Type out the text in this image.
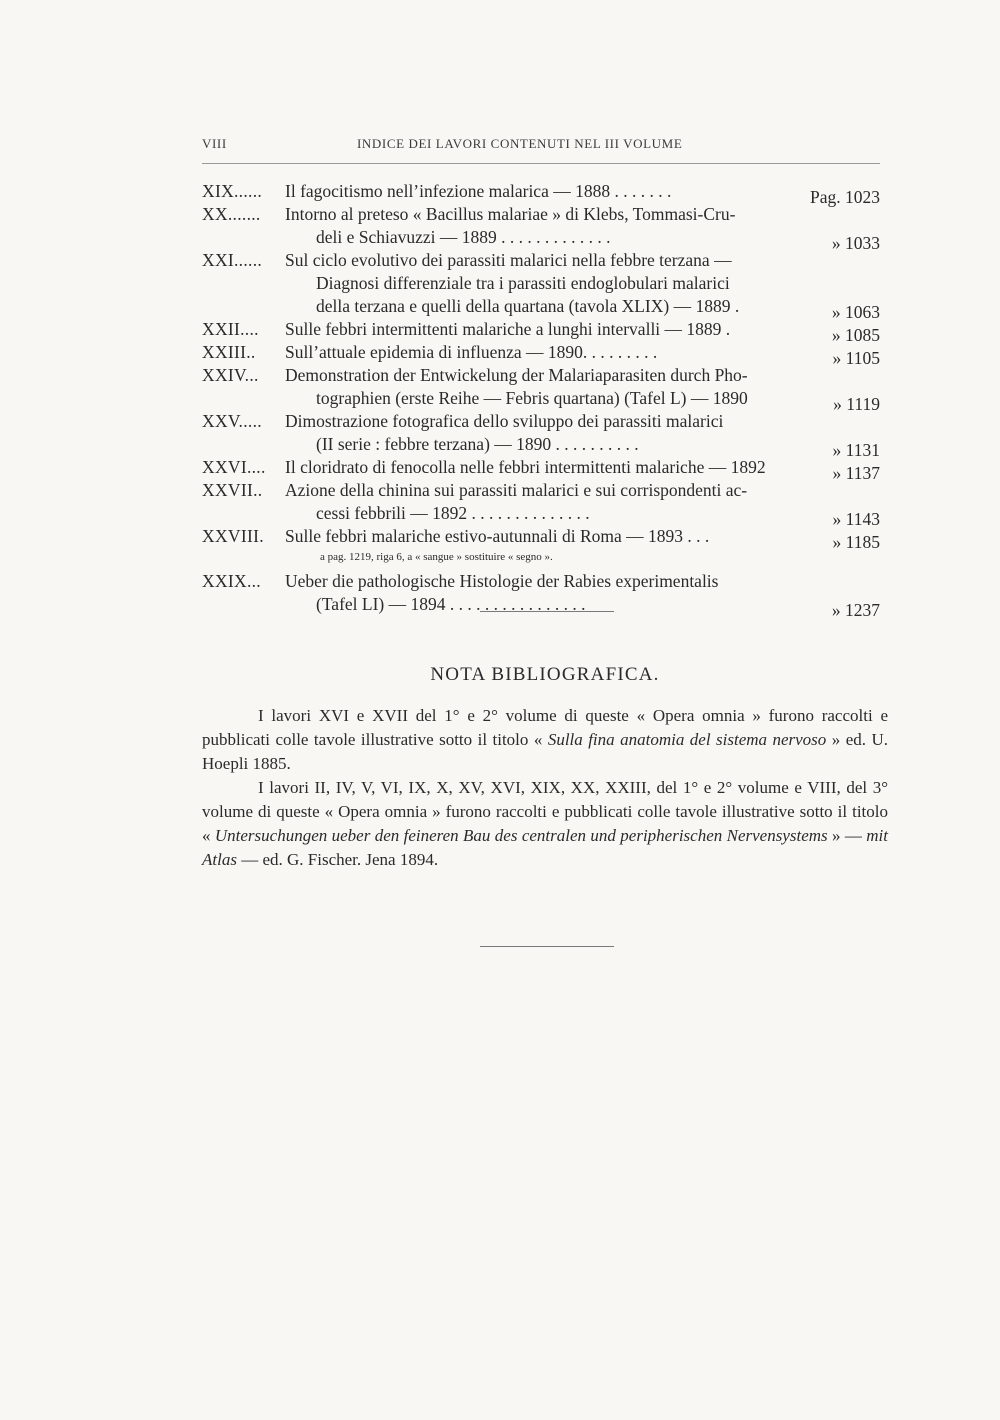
VIII	INDICE DEI LAVORI CONTENUTI NEL III VOLUME
XIX...... Il fagocitismo nell’infezione malarica — 1888 . . . . . . .	Pag. 1023
XX....... Intorno al preteso « Bacillus malariae » di Klebs, Tommasi-Cru-
deli e Schiavuzzi — 1889 . . . . . . . . . . . . .	» 1033
XXI...... Sul ciclo evolutivo dei parassiti malarici nella febbre terzana —
Diagnosi differenziale tra i parassiti endoglobulari malarici
della terzana e quelli della quartana (tavola XLIX) — 1889 .	» 1063
XXII.... Sulle febbri intermittenti malariche a lunghi intervalli — 1889 .	» 1085
XXIII.. Sull’attuale epidemia di influenza — 1890. . . . . . . . .	» 1105
XXIV... Demonstration der Entwickelung der Malariaparasiten durch Pho-
tographien (erste Reihe — Febris quartana) (Tafel L) — 1890	» 1119
XXV..... Dimostrazione fotografica dello sviluppo dei parassiti malarici
(II serie : febbre terzana) — 1890 . . . . . . . . . .	» 1131
XXVI.... Il cloridrato di fenocolla nelle febbri intermittenti malariche — 1892	» 1137
XXVII.. Azione della chinina sui parassiti malarici e sui corrispondenti ac-
cessi febbrili — 1892 . . . . . . . . . . . . . .	» 1143
XXVIII. Sulle febbri malariche estivo-autunnali di Roma — 1893 . . .	» 1185
a pag. 1219, riga 6, a « sangue » sostituire « segno ».
XXIX... Ueber die pathologische Histologie der Rabies experimentalis
(Tafel LI) — 1894 . . . . . . . . . . . . . . . .	» 1237
NOTA BIBLIOGRAFICA.

I lavori XVI e XVII del 1° e 2° volume di queste « Opera omnia » furono raccolti e pubblicati colle tavole illustrative sotto il titolo « Sulla fina anatomia del sistema nervoso » ed. U. Hoepli 1885.

I lavori II, IV, V, VI, IX, X, XV, XVI, XIX, XX, XXIII, del 1° e 2° volume e VIII, del 3° volume di queste « Opera omnia » furono raccolti e pubblicati colle tavole illustrative sotto il titolo « Untersuchungen ueber den feineren Bau des centralen und peripherischen Nervensystems » — mit Atlas — ed. G. Fischer. Jena 1894.
